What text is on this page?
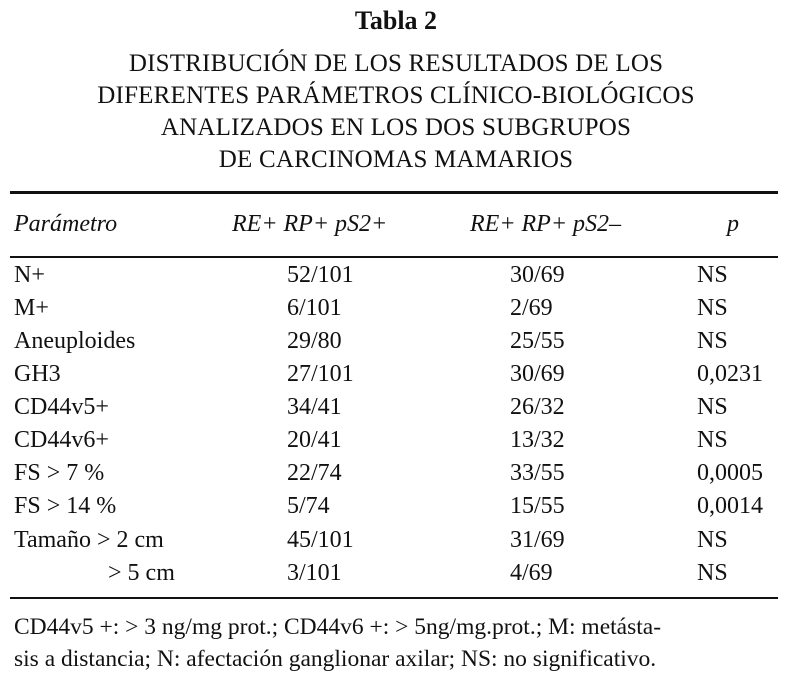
Tabla 2
DISTRIBUCIÓN DE LOS RESULTADOS DE LOS
DIFERENTES PARÁMETROS CLÍNICO-BIOLÓGICOS
ANALIZADOS EN LOS DOS SUBGRUPOS
DE CARCINOMAS MAMARIOS
Parámetro	RE+ RP+ pS2+	RE+ RP+ pS2–	p
N+	52/101	30/69	NS
M+	6/101	2/69	NS
Aneuploides	29/80	25/55	NS
GH3	27/101	30/69	0,0231
CD44v5+	34/41	26/32	NS
CD44v6+	20/41	13/32	NS
FS > 7 %	22/74	33/55	0,0005
FS > 14 %	5/74	15/55	0,0014
Tamaño > 2 cm	45/101	31/69	NS
> 5 cm	3/101	4/69	NS
CD44v5 +: > 3 ng/mg prot.; CD44v6 +: > 5ng/mg.prot.; M: metásta-
sis a distancia; N: afectación ganglionar axilar; NS: no significativo.
